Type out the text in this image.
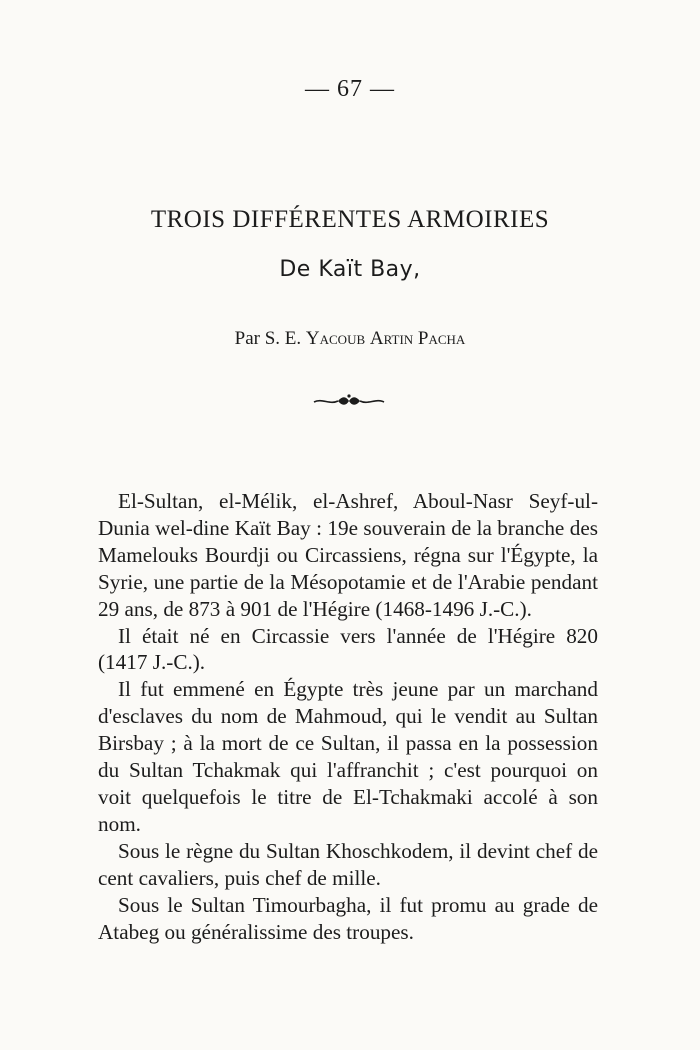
— 67 —
TROIS DIFFÉRENTES ARMOIRIES
De Kaït Bay,
Par S. E. Yacoub Artin Pacha

El-Sultan, el-Mélik, el-Ashref, Aboul-Nasr Seyf-ul-Dunia wel-dine Kaït Bay : 19e souverain de la branche des Mamelouks Bourdji ou Circassiens, régna sur l'Égypte, la Syrie, une partie de la Mésopotamie et de l'Arabie pendant 29 ans, de 873 à 901 de l'Hégire (1468-1496 J.-C.).

Il était né en Circassie vers l'année de l'Hégire 820 (1417 J.-C.).

Il fut emmené en Égypte très jeune par un marchand d'esclaves du nom de Mahmoud, qui le vendit au Sultan Birsbay ; à la mort de ce Sultan, il passa en la possession du Sultan Tchakmak qui l'affranchit ; c'est pourquoi on voit quelquefois le titre de El-Tchakmaki accolé à son nom.

Sous le règne du Sultan Khoschkodem, il devint chef de cent cavaliers, puis chef de mille.

Sous le Sultan Timourbagha, il fut promu au grade de Atabeg ou généralissime des troupes.
